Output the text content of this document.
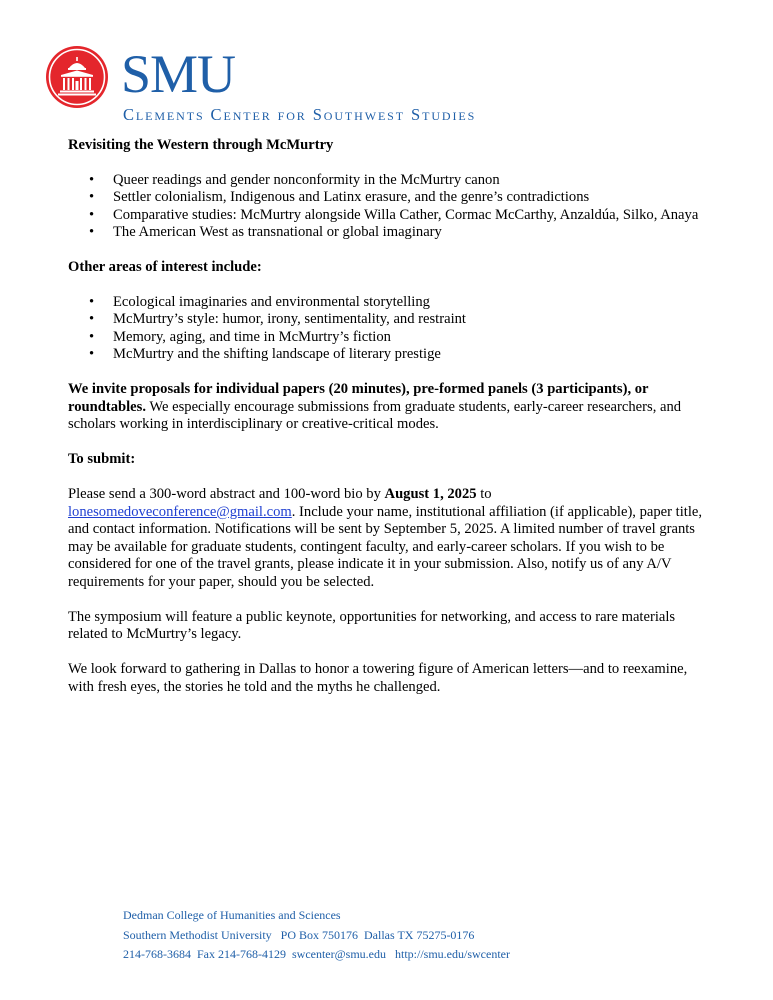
SMU
Clements Center for Southwest Studies

Revisiting the Western through McMurtry

• Queer readings and gender nonconformity in the McMurtry canon
• Settler colonialism, Indigenous and Latinx erasure, and the genre’s contradictions
• Comparative studies: McMurtry alongside Willa Cather, Cormac McCarthy, Anzaldúa, Silko, Anaya
• The American West as transnational or global imaginary

Other areas of interest include:

• Ecological imaginaries and environmental storytelling
• McMurtry’s style: humor, irony, sentimentality, and restraint
• Memory, aging, and time in McMurtry’s fiction
• McMurtry and the shifting landscape of literary prestige

We invite proposals for individual papers (20 minutes), pre-formed panels (3 participants), or roundtables. We especially encourage submissions from graduate students, early-career researchers, and scholars working in interdisciplinary or creative-critical modes.

To submit:

Please send a 300-word abstract and 100-word bio by August 1, 2025 to
lonesomedoveconference@gmail.com. Include your name, institutional affiliation (if applicable), paper title, and contact information. Notifications will be sent by September 5, 2025. A limited number of travel grants may be available for graduate students, contingent faculty, and early-career scholars. If you wish to be considered for one of the travel grants, please indicate it in your submission. Also, notify us of any A/V requirements for your paper, should you be selected.

The symposium will feature a public keynote, opportunities for networking, and access to rare materials related to McMurtry’s legacy.

We look forward to gathering in Dallas to honor a towering figure of American letters—and to reexamine, with fresh eyes, the stories he told and the myths he challenged.

Dedman College of Humanities and Sciences
Southern Methodist University   PO Box 750176  Dallas TX 75275-0176
214-768-3684  Fax 214-768-4129  swcenter@smu.edu   http://smu.edu/swcenter
